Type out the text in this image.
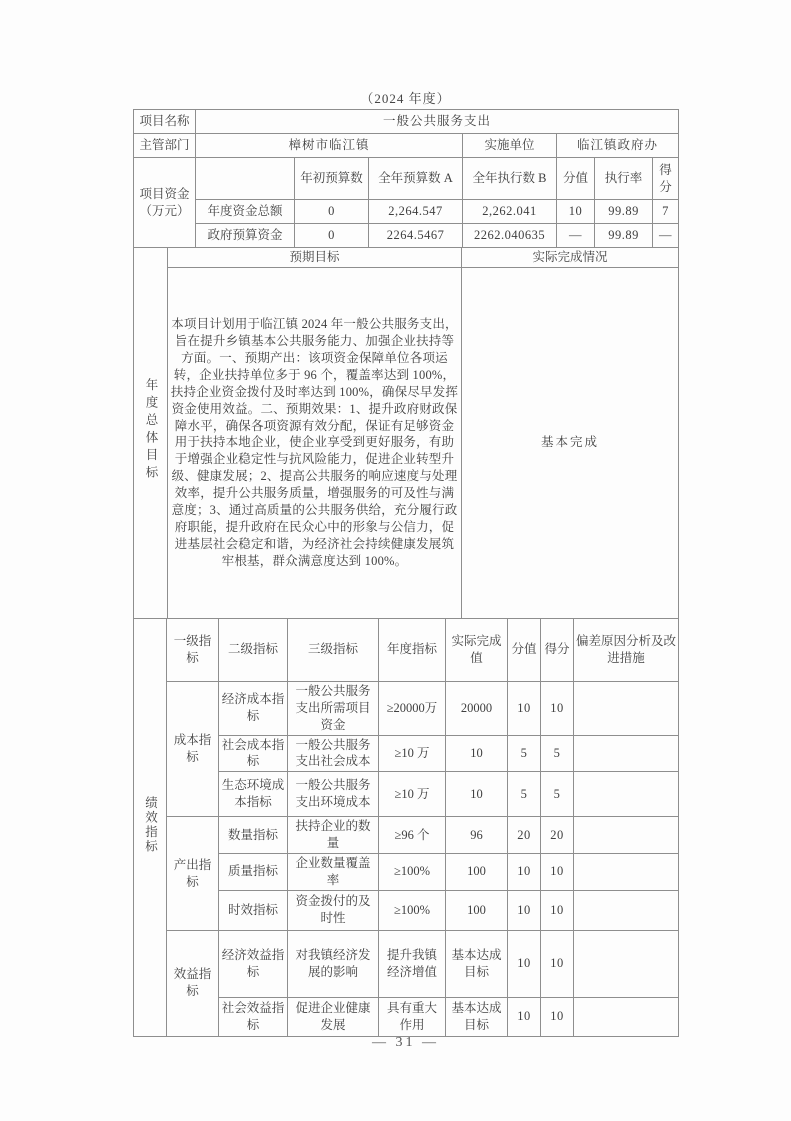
（2024 年度）
项目名称	一般公共服务支出						
主管部门	樟树市临江镇			实施单位	临江镇政府办		
项目资金（万元）		年初预算数	全年预算数 A	全年执行数 B	分值	执行率	得分
	年度资金总额	0	2,264.547	2,262.041	10	99.89	7
	政府预算资金	0	2264.5467	2262.040635	—	99.89	—
年度总体目标	预期目标	实际完成情况
	本项目计划用于临江镇 2024 年一般公共服务支出，旨在提升乡镇基本公共服务能力、加强企业扶持等方面。一、预期产出：该项资金保障单位各项运转，企业扶持单位多于 96 个，覆盖率达到 100%，扶持企业资金拨付及时率达到 100%，确保尽早发挥资金使用效益。二、预期效果：1、提升政府财政保障水平，确保各项资源有效分配，保证有足够资金用于扶持本地企业，使企业享受到更好服务，有助于增强企业稳定性与抗风险能力，促进企业转型升级、健康发展；2、提高公共服务的响应速度与处理效率，提升公共服务质量，增强服务的可及性与满意度；3、通过高质量的公共服务供给，充分履行政府职能，提升政府在民众心中的形象与公信力，促进基层社会稳定和谐，为经济社会持续健康发展筑牢根基，群众满意度达到 100%。	基本完成
绩效指标	一级指标	二级指标	三级指标	年度指标	实际完成值	分值	得分	偏差原因分析及改进措施
	成本指标	经济成本指标	一般公共服务支出所需项目资金	≥20000万	20000	10	10	
		社会成本指标	一般公共服务支出社会成本	≥10 万	10	5	5	
		生态环境成本指标	一般公共服务支出环境成本	≥10 万	10	5	5	
	产出指标	数量指标	扶持企业的数量	≥96 个	96	20	20	
		质量指标	企业数量覆盖率	≥100%	100	10	10	
		时效指标	资金拨付的及时性	≥100%	100	10	10	
	效益指标	经济效益指标	对我镇经济发展的影响	提升我镇经济增值	基本达成目标	10	10	
		社会效益指标	促进企业健康发展	具有重大作用	基本达成目标	10	10	
— 31 —
